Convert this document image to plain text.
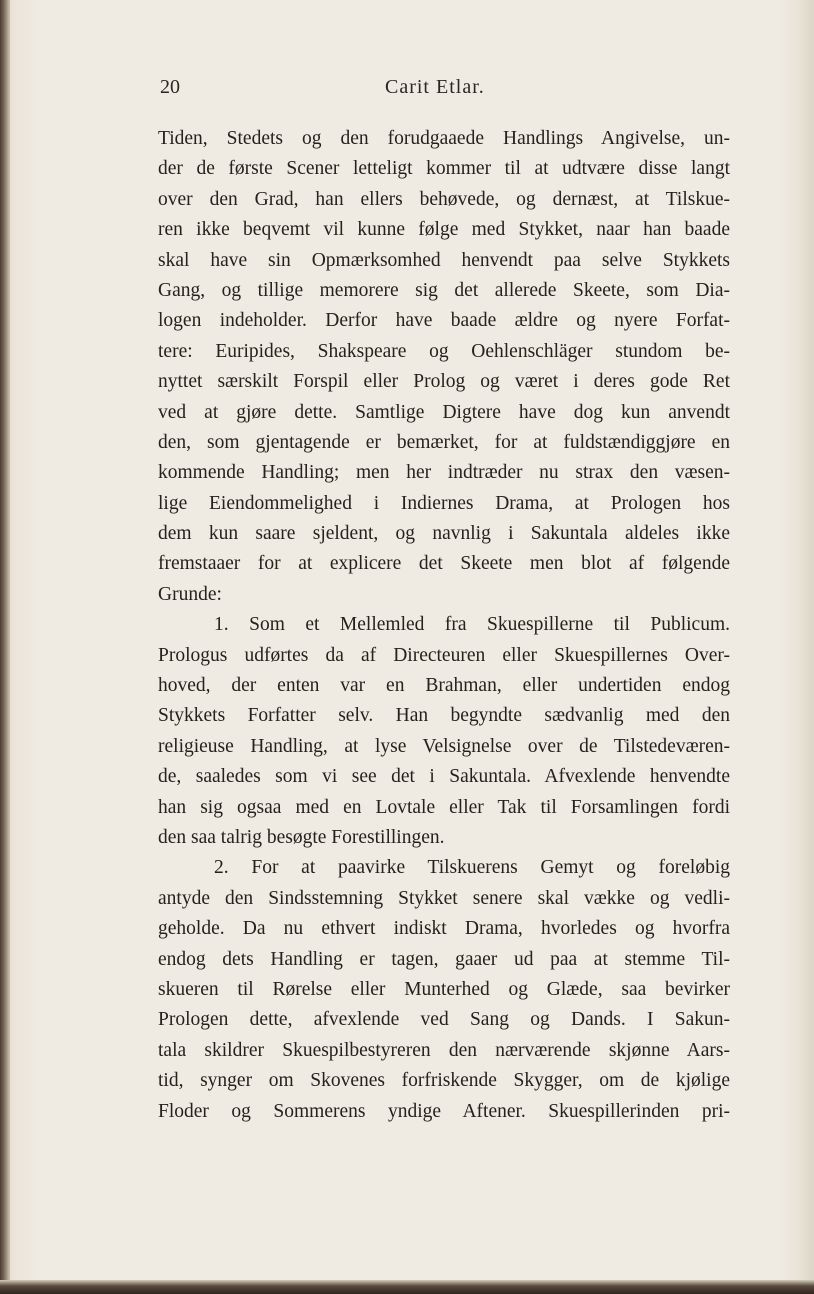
20	Carit Etlar.
Tiden, Stedets og den forudgaaede Handlings Angivelse, un-
der de første Scener letteligt kommer til at udtvære disse langt
over den Grad, han ellers behøvede, og dernæst, at Tilskue-
ren ikke beqvemt vil kunne følge med Stykket, naar han baade
skal have sin Opmærksomhed henvendt paa selve Stykkets
Gang, og tillige memorere sig det allerede Skeete, som Dia-
logen indeholder. Derfor have baade ældre og nyere Forfat-
tere: Euripides, Shakspeare og Oehlenschläger stundom be-
nyttet særskilt Forspil eller Prolog og været i deres gode Ret
ved at gjøre dette. Samtlige Digtere have dog kun anvendt
den, som gjentagende er bemærket, for at fuldstændiggjøre en
kommende Handling; men her indtræder nu strax den væsen-
lige Eiendommelighed i Indiernes Drama, at Prologen hos
dem kun saare sjeldent, og navnlig i Sakuntala aldeles ikke
fremstaaer for at explicere det Skeete men blot af følgende
Grunde:
1. Som et Mellemled fra Skuespillerne til Publicum.
Prologus udførtes da af Directeuren eller Skuespillernes Over-
hoved, der enten var en Brahman, eller undertiden endog
Stykkets Forfatter selv. Han begyndte sædvanlig med den
religieuse Handling, at lyse Velsignelse over de Tilstedeværen-
de, saaledes som vi see det i Sakuntala. Afvexlende henvendte
han sig ogsaa med en Lovtale eller Tak til Forsamlingen fordi
den saa talrig besøgte Forestillingen.
2. For at paavirke Tilskuerens Gemyt og foreløbig
antyde den Sindsstemning Stykket senere skal vække og vedli-
geholde. Da nu ethvert indiskt Drama, hvorledes og hvorfra
endog dets Handling er tagen, gaaer ud paa at stemme Til-
skueren til Rørelse eller Munterhed og Glæde, saa bevirker
Prologen dette, afvexlende ved Sang og Dands. I Sakun-
tala skildrer Skuespilbestyreren den nærværende skjønne Aars-
tid, synger om Skovenes forfriskende Skygger, om de kjølige
Floder og Sommerens yndige Aftener. Skuespillerinden pri-
